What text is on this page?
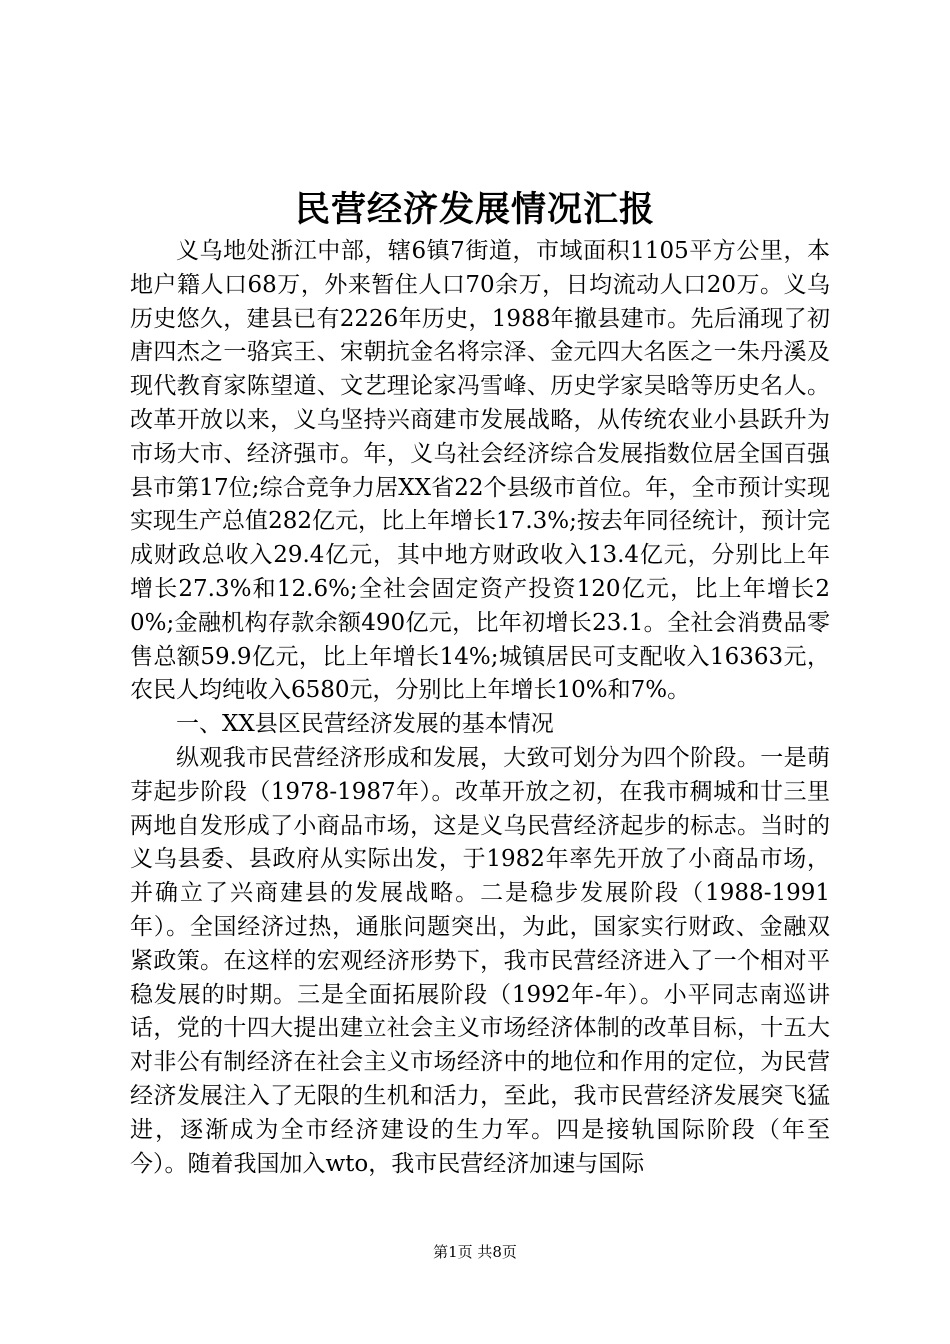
民营经济发展情况汇报

义乌地处浙江中部，辖6镇7街道，市域面积1105平方公里，本地户籍人口68万，外来暂住人口70余万，日均流动人口20万。义乌历史悠久，建县已有2226年历史，1988年撤县建市。先后涌现了初唐四杰之一骆宾王、宋朝抗金名将宗泽、金元四大名医之一朱丹溪及现代教育家陈望道、文艺理论家冯雪峰、历史学家吴晗等历史名人。改革开放以来，义乌坚持兴商建市发展战略，从传统农业小县跃升为市场大市、经济强市。年，义乌社会经济综合发展指数位居全国百强县市第17位;综合竞争力居XX省22个县级市首位。年，全市预计实现实现生产总值282亿元，比上年增长17.3%;按去年同径统计，预计完成财政总收入29.4亿元，其中地方财政收入13.4亿元，分别比上年增长27.3%和12.6%;全社会固定资产投资120亿元，比上年增长20%;金融机构存款余额490亿元，比年初增长23.1。全社会消费品零售总额59.9亿元，比上年增长14%;城镇居民可支配收入16363元，农民人均纯收入6580元，分别比上年增长10%和7%。

一、XX县区民营经济发展的基本情况

纵观我市民营经济形成和发展，大致可划分为四个阶段。一是萌芽起步阶段（1978-1987年）。改革开放之初，在我市稠城和廿三里两地自发形成了小商品市场，这是义乌民营经济起步的标志。当时的义乌县委、县政府从实际出发，于1982年率先开放了小商品市场，并确立了兴商建县的发展战略。二是稳步发展阶段（1988-1991年）。全国经济过热，通胀问题突出，为此，国家实行财政、金融双紧政策。在这样的宏观经济形势下，我市民营经济进入了一个相对平稳发展的时期。三是全面拓展阶段（1992年-年）。小平同志南巡讲话，党的十四大提出建立社会主义市场经济体制的改革目标，十五大对非公有制经济在社会主义市场经济中的地位和作用的定位，为民营经济发展注入了无限的生机和活力，至此，我市民营经济发展突飞猛进，逐渐成为全市经济建设的生力军。四是接轨国际阶段（年至今）。随着我国加入wto，我市民营经济加速与国际

第1页 共8页
